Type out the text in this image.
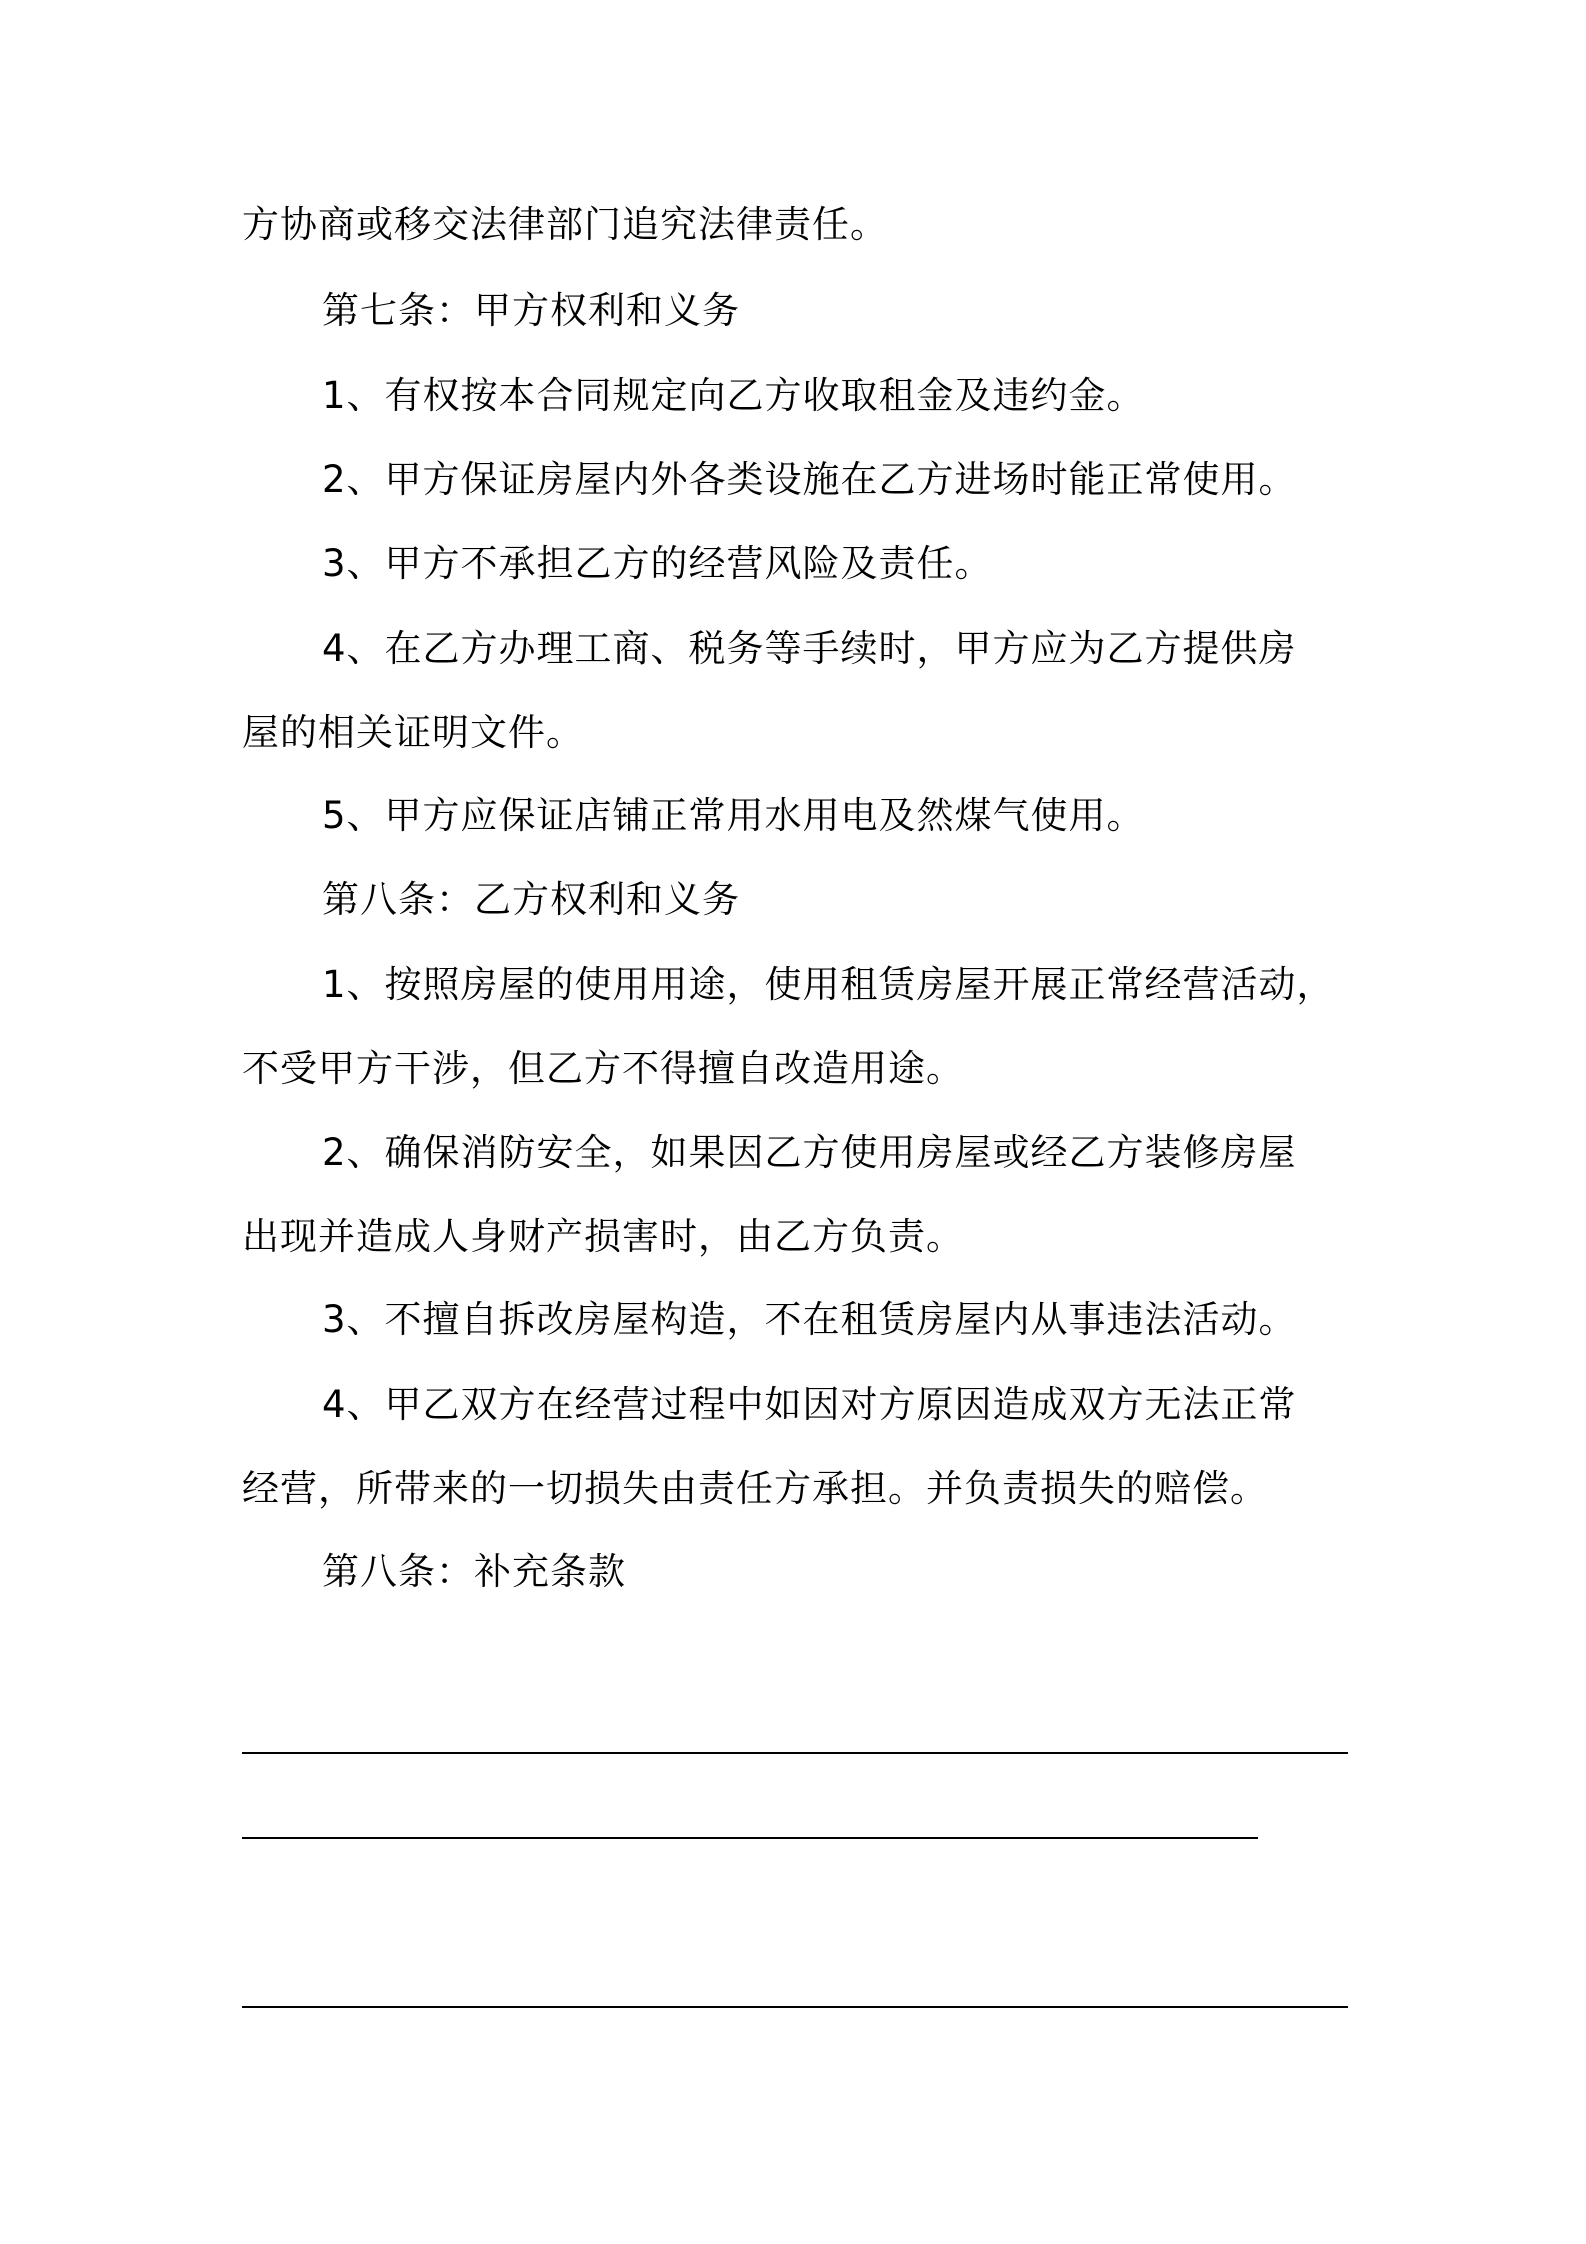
方协商或移交法律部门追究法律责任。
第七条：甲方权利和义务
1、有权按本合同规定向乙方收取租金及违约金。
2、甲方保证房屋内外各类设施在乙方进场时能正常使用。
3、甲方不承担乙方的经营风险及责任。
4、在乙方办理工商、税务等手续时，甲方应为乙方提供房
屋的相关证明文件。
5、甲方应保证店铺正常用水用电及然煤气使用。
第八条：乙方权利和义务
1、按照房屋的使用用途，使用租赁房屋开展正常经营活动，
不受甲方干涉，但乙方不得擅自改造用途。
2、确保消防安全，如果因乙方使用房屋或经乙方装修房屋
出现并造成人身财产损害时，由乙方负责。
3、不擅自拆改房屋构造，不在租赁房屋内从事违法活动。
4、甲乙双方在经营过程中如因对方原因造成双方无法正常
经营，所带来的一切损失由责任方承担。并负责损失的赔偿。
第八条：补充条款
